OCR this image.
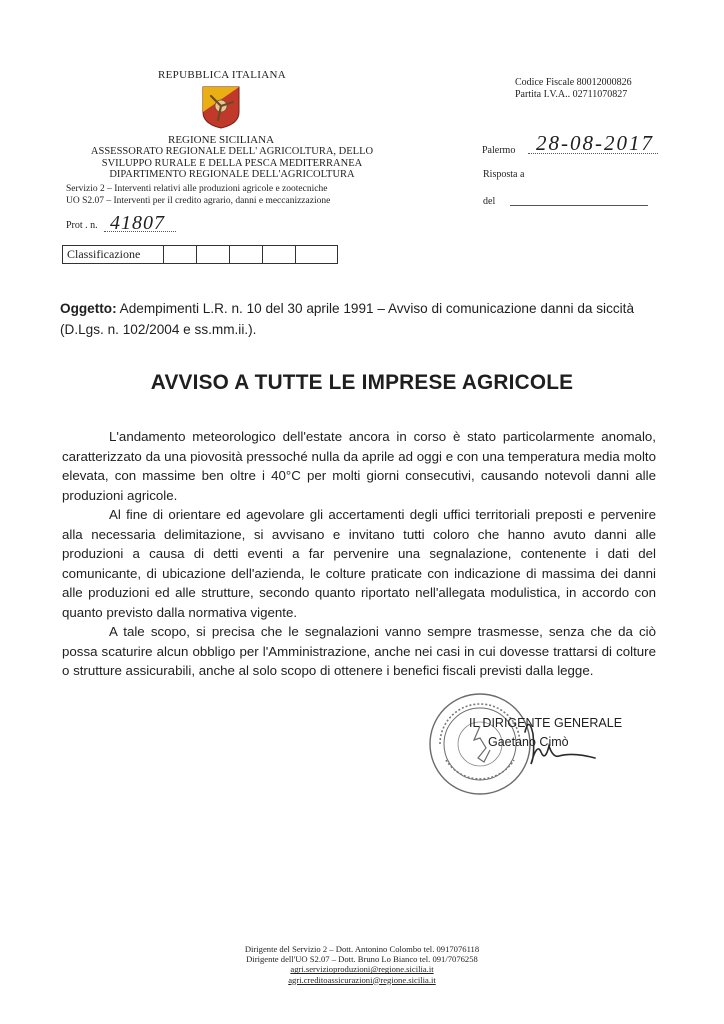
REPUBBLICA ITALIANA
REGIONE SICILIANA
ASSESSORATO REGIONALE DELL' AGRICOLTURA, DELLO
SVILUPPO RURALE E DELLA PESCA MEDITERRANEA
DIPARTIMENTO REGIONALE DELL'AGRICOLTURA
Servizio 2 – Interventi relativi alle produzioni agricole e zootecniche
UO S2.07 – Interventi per il credito agrario, danni e meccanizzazione
Prot . n. 41807
Classificazione
Codice Fiscale 80012000826
Partita I.V.A.. 02711070827
Palermo 28-08-2017
Risposta a
del
Oggetto: Adempimenti L.R. n. 10 del 30 aprile 1991 – Avviso di comunicazione danni da siccità (D.Lgs. n. 102/2004 e ss.mm.ii.).
AVVISO A TUTTE LE IMPRESE AGRICOLE

L'andamento meteorologico dell'estate ancora in corso è stato particolarmente anomalo, caratterizzato da una piovosità pressoché nulla da aprile ad oggi e con una temperatura media molto elevata, con massime ben oltre i 40°C per molti giorni consecutivi, causando notevoli danni alle produzioni agricole.

Al fine di orientare ed agevolare gli accertamenti degli uffici territoriali preposti e pervenire alla necessaria delimitazione, si avvisano e invitano tutti coloro che hanno avuto danni alle produzioni a causa di detti eventi a far pervenire una segnalazione, contenente i dati del comunicante, di ubicazione dell'azienda, le colture praticate con indicazione di massima dei danni alle produzioni ed alle strutture, secondo quanto riportato nell'allegata modulistica, in accordo con quanto previsto dalla normativa vigente.

A tale scopo, si precisa che le segnalazioni vanno sempre trasmesse, senza che da ciò possa scaturire alcun obbligo per l'Amministrazione, anche nei casi in cui dovesse trattarsi di colture o strutture assicurabili, anche al solo scopo di ottenere i benefici fiscali previsti dalla legge.

IL DIRIGENTE GENERALE
Gaetano Cimò
Dirigente del Servizio 2 – Dott. Antonino Colombo tel. 0917076118
Dirigente dell'UO S2.07 – Dott. Bruno Lo Bianco tel. 091/7076258
agri.servizioproduzioni@regione.sicilia.it
agri.creditoassicurazioni@regione.sicilia.it
